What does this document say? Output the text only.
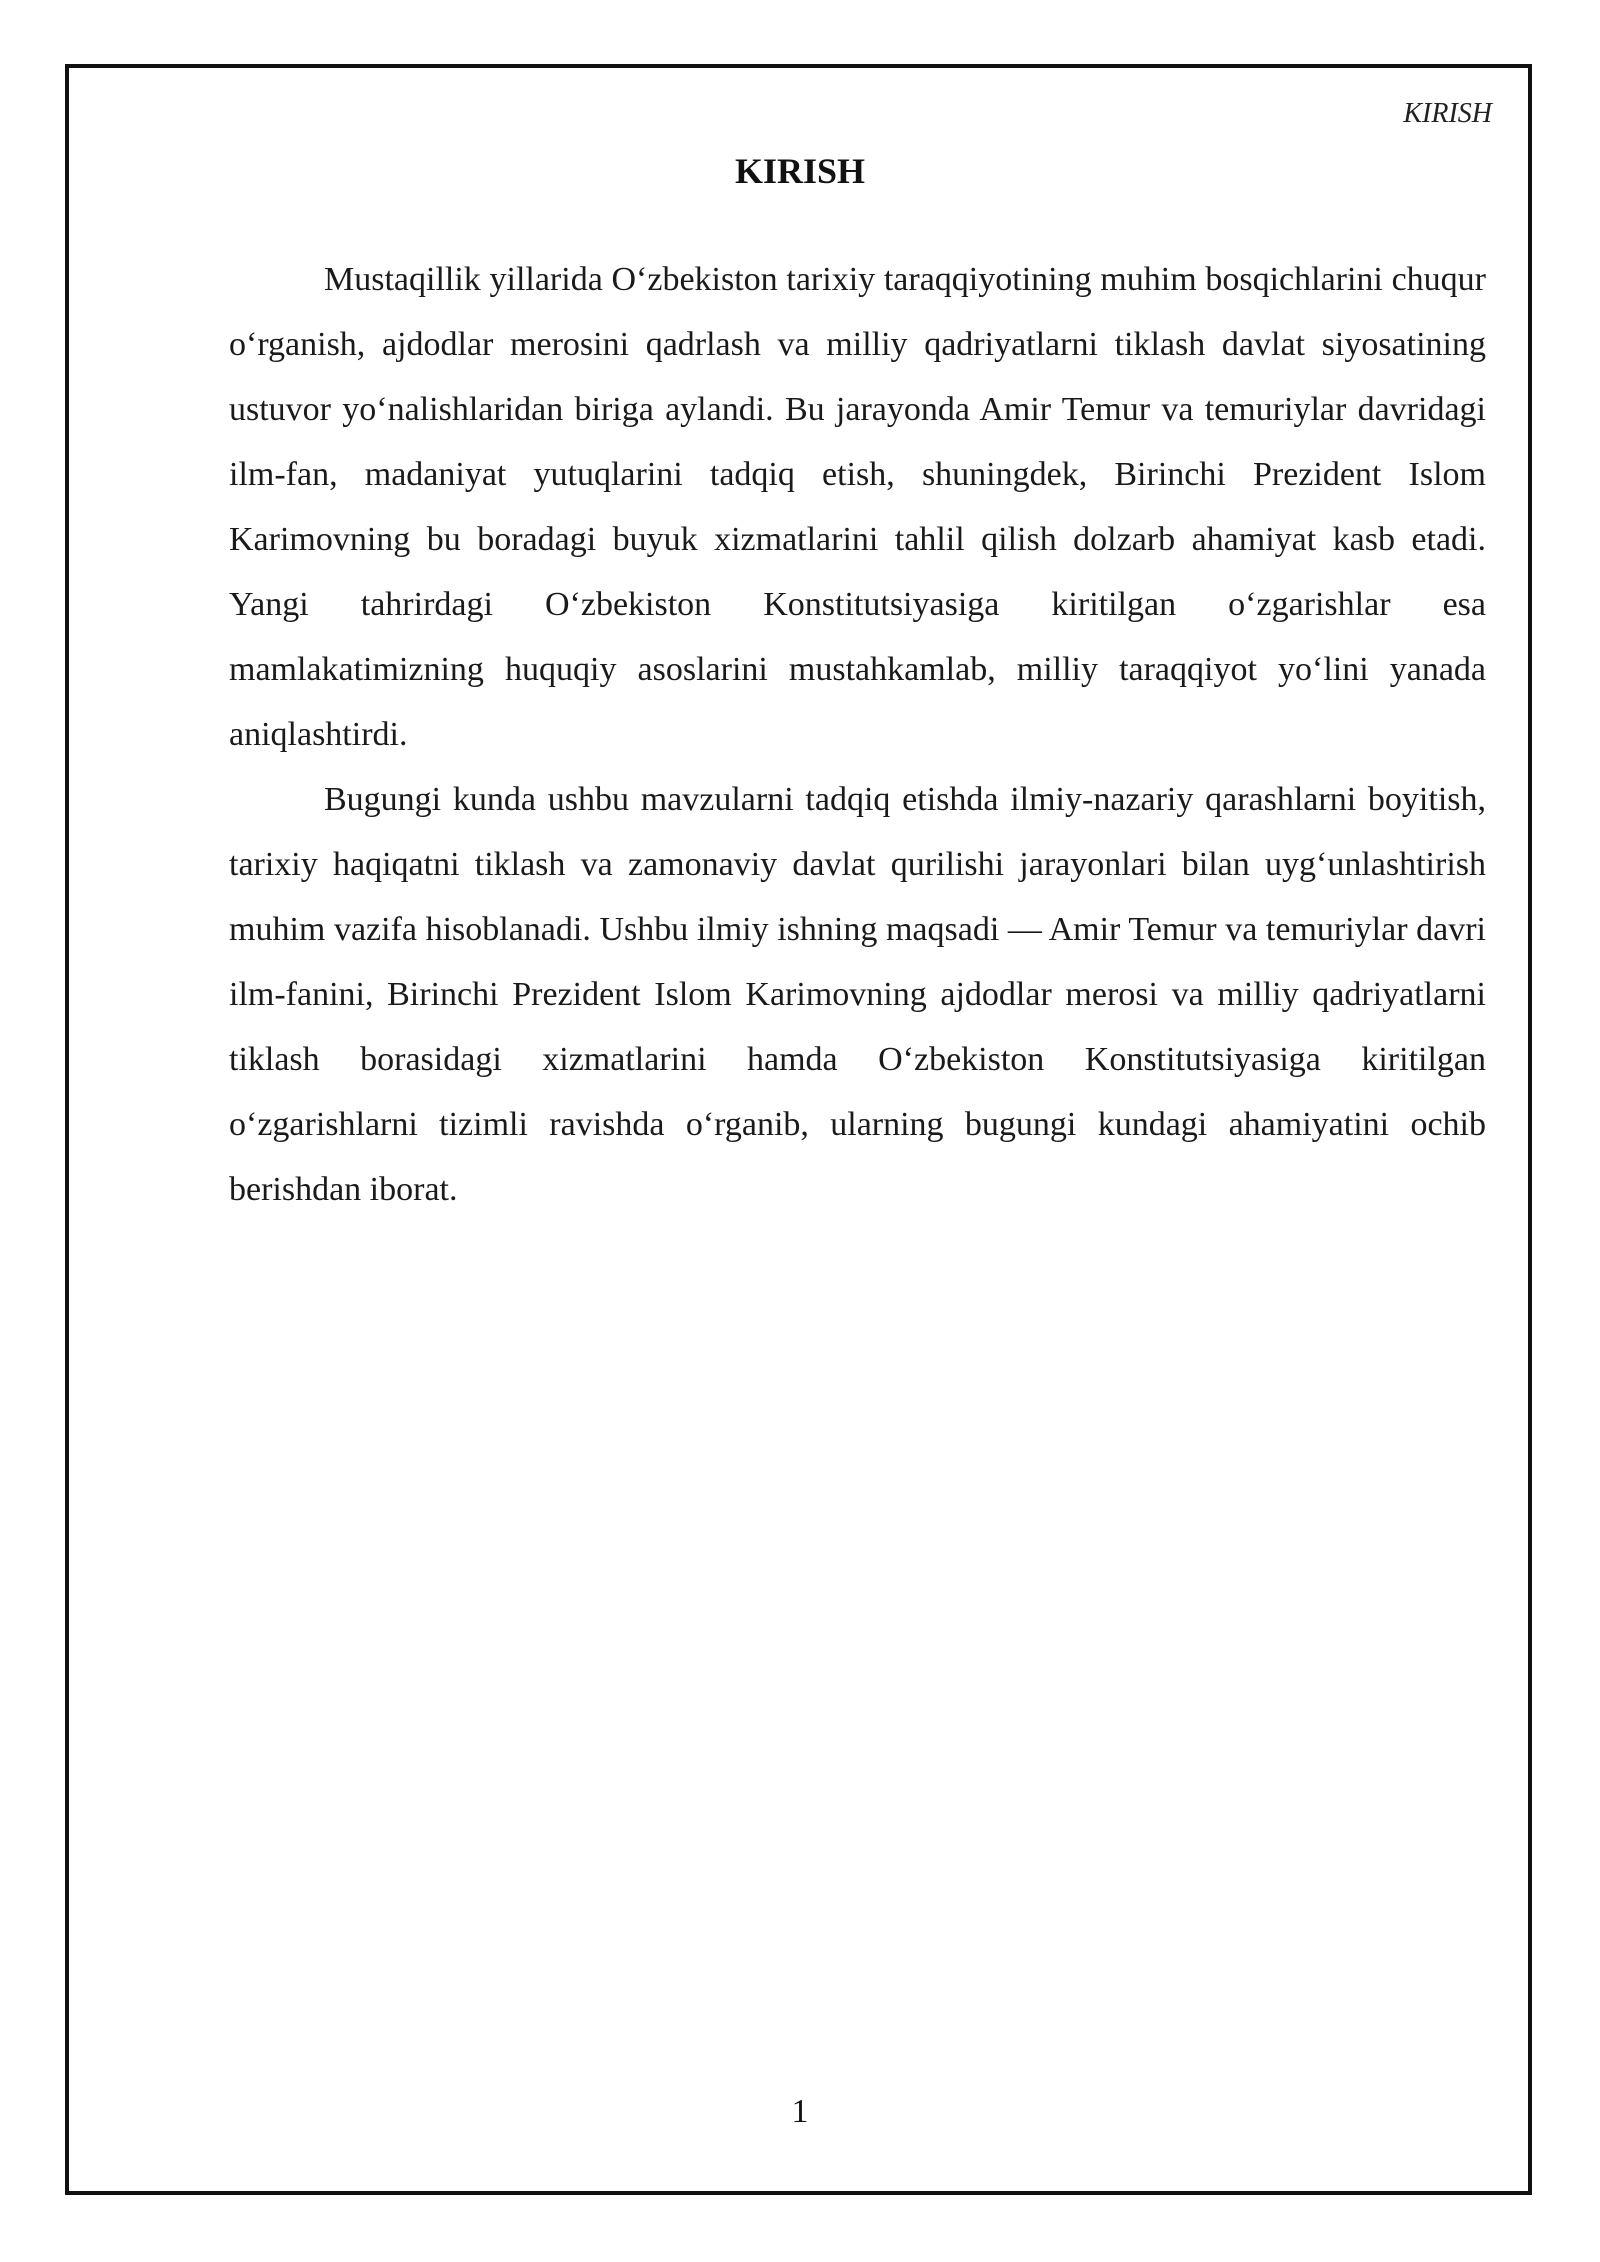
KIRISH
KIRISH

Mustaqillik yillarida O‘zbekiston tarixiy taraqqiyotining muhim bosqichlarini chuqur o‘rganish, ajdodlar merosini qadrlash va milliy qadriyatlarni tiklash davlat siyosatining ustuvor yo‘nalishlaridan biriga aylandi. Bu jarayonda Amir Temur va temuriylar davridagi ilm-fan, madaniyat yutuqlarini tadqiq etish, shuningdek, Birinchi Prezident Islom Karimovning bu boradagi buyuk xizmatlarini tahlil qilish dolzarb ahamiyat kasb etadi. Yangi tahrirdagi O‘zbekiston Konstitutsiyasiga kiritilgan o‘zgarishlar esa mamlakatimizning huquqiy asoslarini mustahkamlab, milliy taraqqiyot yo‘lini yanada aniqlashtirdi.

Bugungi kunda ushbu mavzularni tadqiq etishda ilmiy-nazariy qarashlarni boyitish, tarixiy haqiqatni tiklash va zamonaviy davlat qurilishi jarayonlari bilan uyg‘unlashtirish muhim vazifa hisoblanadi. Ushbu ilmiy ishning maqsadi — Amir Temur va temuriylar davri ilm-fanini, Birinchi Prezident Islom Karimovning ajdodlar merosi va milliy qadriyatlarni tiklash borasidagi xizmatlarini hamda O‘zbekiston Konstitutsiyasiga kiritilgan o‘zgarishlarni tizimli ravishda o‘rganib, ularning bugungi kundagi ahamiyatini ochib berishdan iborat.

1
